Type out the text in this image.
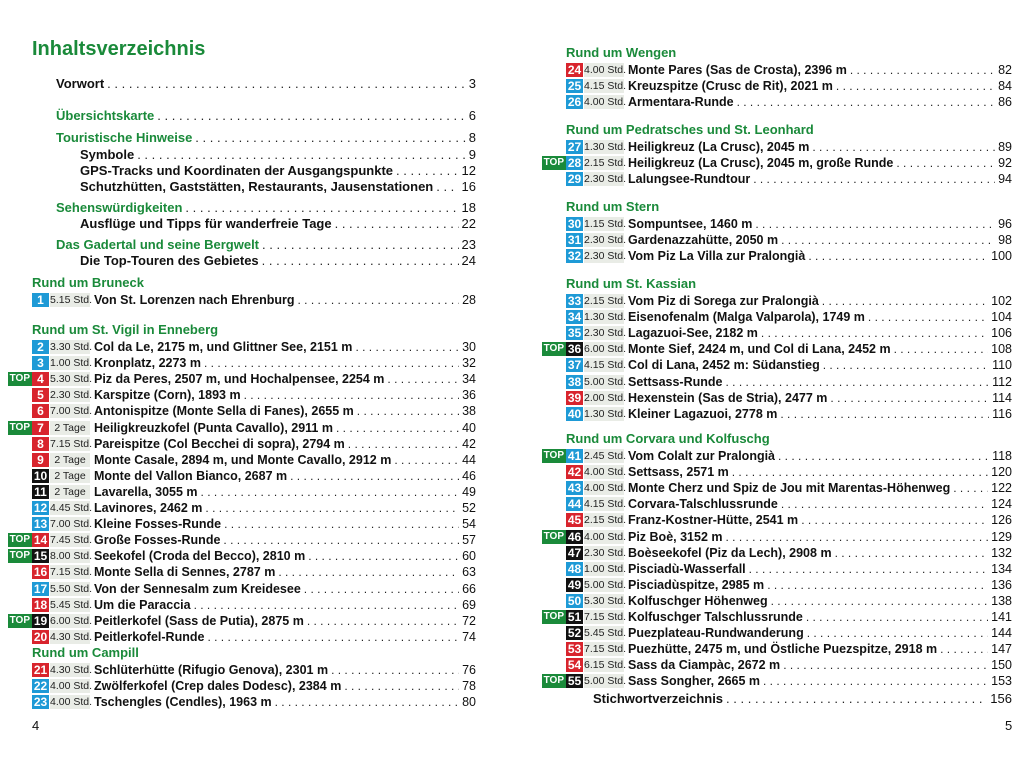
Inhaltsverzeichnis
Vorwort . . .	3
Übersichtskarte . . .	6
Touristische Hinweise . . .	8
Symbole . . .	9
GPS-Tracks und Koordinaten der Ausgangspunkte . . .	12
Schutzhütten, Gaststätten, Restaurants, Jausenstationen . . . 16
Sehenswürdigkeiten . . .	18
Ausflüge und Tipps für wanderfreie Tage . . .	22
Das Gadertal und seine Bergwelt . . .	23
Die Top-Touren des Gebietes . . .	24
Rund um Bruneck
1 5.15 Std. Von St. Lorenzen nach Ehrenburg . . .	28
Rund um St. Vigil in Enneberg
2 3.30 Std. Col da Le, 2175 m, und Glittner See, 2151 m . . .	30
3 1.00 Std. Kronplatz, 2273 m . . .	32
TOP 4 5.30 Std. Piz da Peres, 2507 m, und Hochalpensee, 2254 m . . .	34
5 2.30 Std. Karspitze (Corn), 1893 m . . .	36
6 7.00 Std. Antonispitze (Monte Sella di Fanes), 2655 m . . .	38
TOP 7 2 Tage Heiligkreuzkofel (Punta Cavallo), 2911 m . . .	40
8 7.15 Std. Pareispitze (Col Becchei di sopra), 2794 m . . .	42
9 2 Tage Monte Casale, 2894 m, und Monte Cavallo, 2912 m . . .	44
10 2 Tage Monte del Vallon Bianco, 2687 m . . .	46
11 2 Tage Lavarella, 3055 m . . .	49
12 4.45 Std. Lavinores, 2462 m . . .	52
13 7.00 Std. Kleine Fosses-Runde . . .	54
TOP 14 7.45 Std. Große Fosses-Runde . . .	57
TOP 15 8.00 Std. Seekofel (Croda del Becco), 2810 m . . .	60
16 7.15 Std. Monte Sella di Sennes, 2787 m . . .	63
17 5.50 Std. Von der Sennesalm zum Kreidesee . . .	66
18 5.45 Std. Um die Paraccia . . .	69
TOP 19 6.00 Std. Peitlerkofel (Sass de Putia), 2875 m . . .	72
20 4.30 Std. Peitlerkofel-Runde . . .	74
Rund um Campill
21 4.30 Std. Schlüterhütte (Rifugio Genova), 2301 m . . .	76
22 4.00 Std. Zwölferkofel (Crep dales Dodesc), 2384 m . . .	78
23 4.00 Std. Tschengles (Cendles), 1963 m . . .	80
4
Rund um Wengen
24 4.00 Std. Monte Pares (Sas de Crosta), 2396 m . . .	82
25 4.15 Std. Kreuzspitze (Crusc de Rit), 2021 m . . .	84
26 4.00 Std. Armentara-Runde . . .	86
Rund um Pedratsches und St. Leonhard
27 1.30 Std. Heiligkreuz (La Crusc), 2045 m . . .	89
TOP 28 2.15 Std. Heiligkreuz (La Crusc), 2045 m, große Runde . . .	92
29 2.30 Std. Lalungsee-Rundtour . . .	94
Rund um Stern
30 1.15 Std. Sompuntsee, 1460 m . . .	96
31 2.30 Std. Gardenazzahütte, 2050 m . . .	98
32 2.30 Std. Vom Piz La Villa zur Pralongià . . .	100
Rund um St. Kassian
33 2.15 Std. Vom Piz di Sorega zur Pralongià . . .	102
34 1.30 Std. Eisenofenalm (Malga Valparola), 1749 m . . .	104
35 2.30 Std. Lagazuoi-See, 2182 m . . .	106
TOP 36 6.00 Std. Monte Sief, 2424 m, und Col di Lana, 2452 m . . .	108
37 4.15 Std. Col di Lana, 2452 m: Südanstieg . . .	110
38 5.00 Std. Settsass-Runde . . .	112
39 2.00 Std. Hexenstein (Sas de Stria), 2477 m . . .	114
40 1.30 Std. Kleiner Lagazuoi, 2778 m . . .	116
Rund um Corvara und Kolfuschg
TOP 41 2.45 Std. Vom Colalt zur Pralongià . . .	118
42 4.00 Std. Settsass, 2571 m . . .	120
43 4.00 Std. Monte Cherz und Spiz de Jou mit Marentas-Höhenweg . . .	122
44 4.15 Std. Corvara-Talschlussrunde . . .	124
45 2.15 Std. Franz-Kostner-Hütte, 2541 m . . .	126
TOP 46 4.00 Std. Piz Boè, 3152 m . . .	129
47 2.30 Std. Boèseekofel (Piz da Lech), 2908 m . . .	132
48 1.00 Std. Pisciadù-Wasserfall . . .	134
49 5.00 Std. Pisciadùspitze, 2985 m . . .	136
50 5.30 Std. Kolfuschger Höhenweg . . .	138
TOP 51 7.15 Std. Kolfuschger Talschlussrunde . . .	141
52 5.45 Std. Puezplateau-Rundwanderung . . .	144
53 7.15 Std. Puezhütte, 2475 m, und Östliche Puezspitze, 2918 m . . .	147
54 6.15 Std. Sass da Ciampàc, 2672 m . . .	150
TOP 55 5.00 Std. Sass Songher, 2665 m . . .	153
Stichwortverzeichnis . . .	156
5
